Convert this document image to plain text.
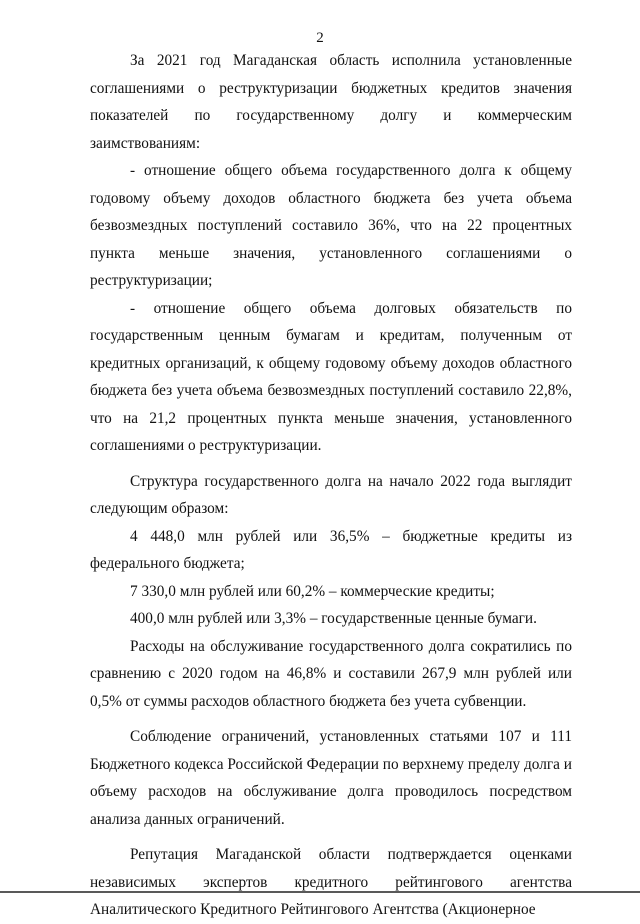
2

За 2021 год Магаданская область исполнила установленные соглашениями о реструктуризации бюджетных кредитов значения показателей по государственному долгу и коммерческим заимствованиям:

- отношение общего объема государственного долга к общему годовому объему доходов областного бюджета без учета объема безвозмездных поступлений составило 36%, что на 22 процентных пункта меньше значения, установленного соглашениями о реструктуризации;

- отношение общего объема долговых обязательств по государственным ценным бумагам и кредитам, полученным от кредитных организаций, к общему годовому объему доходов областного бюджета без учета объема безвозмездных поступлений составило 22,8%, что на 21,2 процентных пункта меньше значения, установленного соглашениями о реструктуризации.

Структура государственного долга на начало 2022 года выглядит следующим образом:

4 448,0 млн рублей или 36,5% – бюджетные кредиты из федерального бюджета;

7 330,0 млн рублей или 60,2% – коммерческие кредиты;

400,0 млн рублей или 3,3% – государственные ценные бумаги.

Расходы на обслуживание государственного долга сократились по сравнению с 2020 годом на 46,8% и составили 267,9 млн рублей или 0,5% от суммы расходов областного бюджета без учета субвенции.

Соблюдение ограничений, установленных статьями 107 и 111 Бюджетного кодекса Российской Федерации по верхнему пределу долга и объему расходов на обслуживание долга проводилось посредством анализа данных ограничений.

Репутация Магаданской области подтверждается оценками независимых экспертов кредитного рейтингового агентства Аналитического Кредитного Рейтингового Агентства (Акционерное
